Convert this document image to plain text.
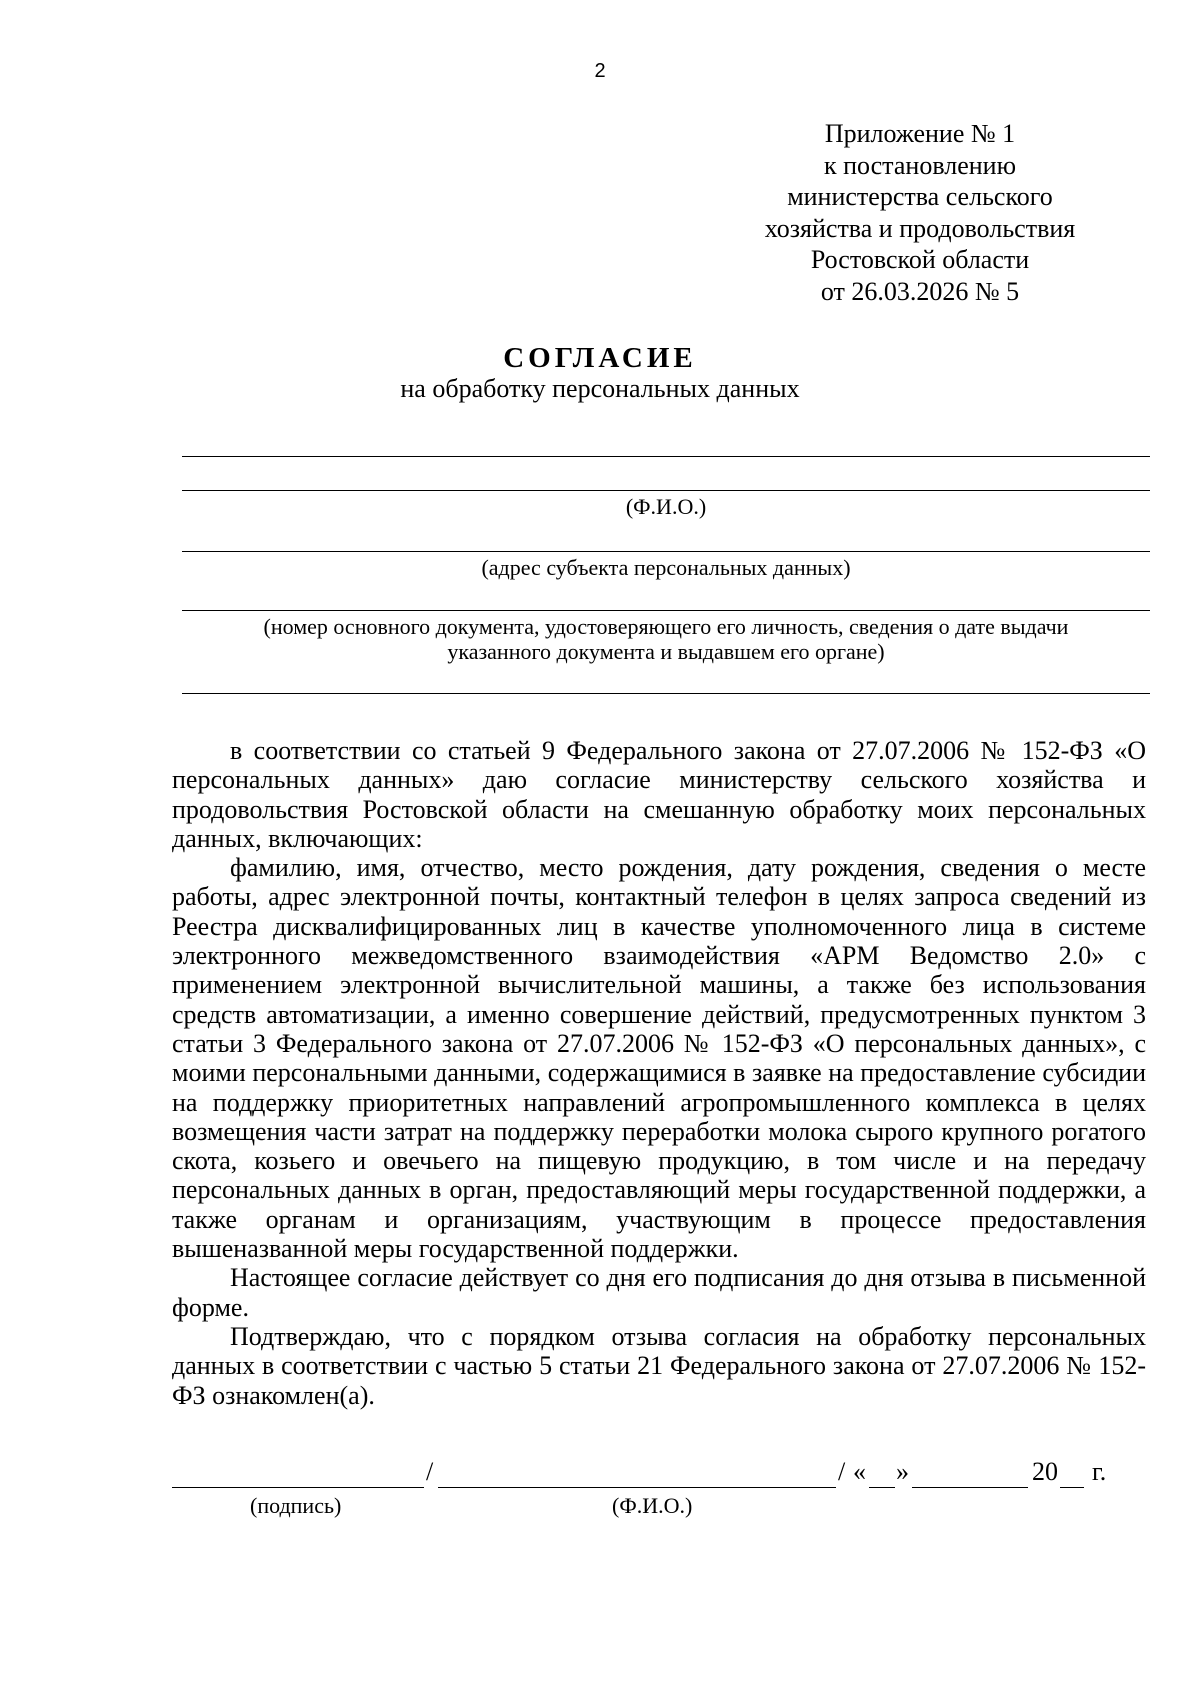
2
Приложение № 1
к постановлению
министерства сельского
хозяйства и продовольствия
Ростовской области
от 26.03.2026 № 5
СОГЛАСИЕ
на обработку персональных данных
(Ф.И.О.)
(адрес субъекта персональных данных)
(номер основного документа, удостоверяющего его личность, сведения о дате выдачи указанного документа и выдавшем его органе)

в соответствии со статьей 9 Федерального закона от 27.07.2006 № 152-ФЗ «О персональных данных» даю согласие министерству сельского хозяйства и продовольствия Ростовской области на смешанную обработку моих персональных данных, включающих:

фамилию, имя, отчество, место рождения, дату рождения, сведения о месте работы, адрес электронной почты, контактный телефон в целях запроса сведений из Реестра дисквалифицированных лиц в качестве уполномоченного лица в системе электронного межведомственного взаимодействия «АРМ Ведомство 2.0» с применением электронной вычислительной машины, а также без использования средств автоматизации, а именно совершение действий, предусмотренных пунктом 3 статьи 3 Федерального закона от 27.07.2006 № 152-ФЗ «О персональных данных», с моими персональными данными, содержащимися в заявке на предоставление субсидии на поддержку приоритетных направлений агропромышленного комплекса в целях возмещения части затрат на поддержку переработки молока сырого крупного рогатого скота, козьего и овечьего на пищевую продукцию, в том числе и на передачу персональных данных в орган, предоставляющий меры государственной поддержки, а также органам и организациям, участвующим в процессе предоставления вышеназванной меры государственной поддержки.

Настоящее согласие действует со дня его подписания до дня отзыва в письменной форме.

Подтверждаю, что с порядком отзыва согласия на обработку персональных данных в соответствии с частью 5 статьи 21 Федерального закона от 27.07.2006 № 152-ФЗ ознакомлен(а).

/	/ « »	20 г.
(подпись)	(Ф.И.О.)
